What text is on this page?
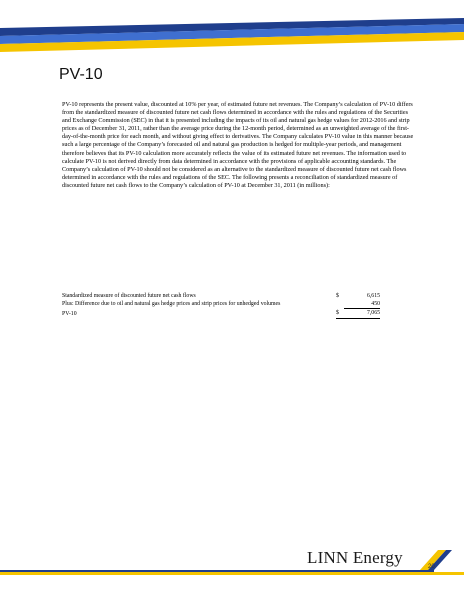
PV-10
PV-10 represents the present value, discounted at 10% per year, of estimated future net revenues. The Company’s calculation of PV-10 differs from the standardized measure of discounted future net cash flows determined in accordance with the rules and regulations of the Securities and Exchange Commission (SEC) in that it is presented including the impacts of its oil and natural gas hedge values for 2012-2016 and strip prices as of December 31, 2011, rather than the average price during the 12-month period, determined as an unweighted average of the first-day-of-the-month price for each month, and without giving effect to derivatives. The Company calculates PV-10 value in this manner because such a large percentage of the Company’s forecasted oil and natural gas production is hedged for multiple-year periods, and management therefore believes that its PV-10 calculation more accurately reflects the value of its estimated future net revenues. The information used to calculate PV-10 is not derived directly from data determined in accordance with the provisions of applicable accounting standards. The Company’s calculation of PV-10 should not be considered as an alternative to the standardized measure of discounted future net cash flows determined in accordance with the rules and regulations of the SEC. The following presents a reconciliation of standardized measure of discounted future net cash flows to the Company’s calculation of PV-10 at December 31, 2011 (in millions):
Standardized measure of discounted future net cash flows	$	6,615
Plus: Difference due to oil and natural gas hedge prices and strip prices for unhedged volumes		450
PV-10	$	7,065
LINN Energy	20
